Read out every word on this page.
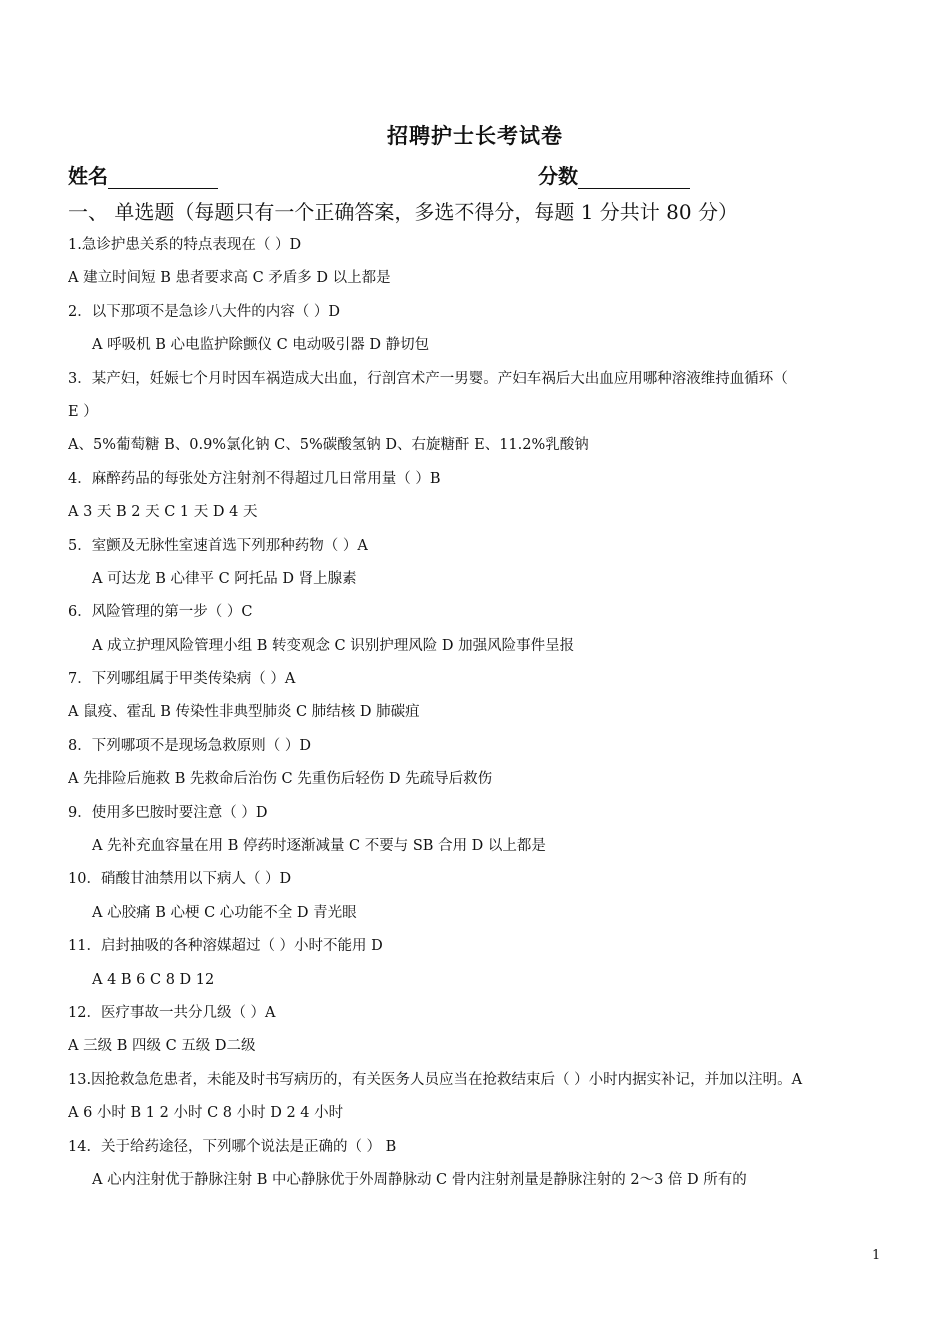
招聘护士长考试卷
姓名	分数
一、 单选题（每题只有一个正确答案，多选不得分，每题 1 分共计 80 分）
1.急诊护患关系的特点表现在（ ）D
A 建立时间短 B 患者要求高 C 矛盾多 D 以上都是
2．以下那项不是急诊八大件的内容（ ）D
A 呼吸机 B 心电监护除颤仪 C 电动吸引器 D 静切包
3．某产妇，妊娠七个月时因车祸造成大出血，行剖宫术产一男婴。产妇车祸后大出血应用哪种溶液维持血循环（
E ）
A、5%葡萄糖 B、0.9%氯化钠 C、5%碳酸氢钠 D、右旋糖酐 E、11.2%乳酸钠
4．麻醉药品的每张处方注射剂不得超过几日常用量（ ）B
A 3 天 B 2 天 C 1 天 D 4 天
5．室颤及无脉性室速首选下列那种药物（ ）A
A 可达龙 B 心律平 C 阿托品 D 肾上腺素
6．风险管理的第一步（ ）C
A 成立护理风险管理小组 B 转变观念 C 识别护理风险 D 加强风险事件呈报
7．下列哪组属于甲类传染病（ ）A
A 鼠疫、霍乱 B 传染性非典型肺炎 C 肺结核 D 肺碳疽
8．下列哪项不是现场急救原则（ ）D
A 先排险后施救 B 先救命后治伤 C 先重伤后轻伤 D 先疏导后救伤
9．使用多巴胺时要注意（ ）D
A 先补充血容量在用 B 停药时逐渐减量 C 不要与 SB 合用 D 以上都是
10．硝酸甘油禁用以下病人（ ）D
A 心胶痛 B 心梗 C 心功能不全 D 青光眼
11．启封抽吸的各种溶媒超过（ ）小时不能用 D
A 4 B 6 C 8 D 12
12．医疗事故一共分几级（ ）A
A 三级 B 四级 C 五级 D二级
13.因抢救急危患者，未能及时书写病历的，有关医务人员应当在抢救结束后（ ）小时内据实补记，并加以注明。A
A 6 小时 B 1 2 小时 C 8 小时 D 2 4 小时
14．关于给药途径，下列哪个说法是正确的（ ） B
A 心内注射优于静脉注射 B 中心静脉优于外周静脉动 C 骨内注射剂量是静脉注射的 2～3 倍 D 所有的
1
